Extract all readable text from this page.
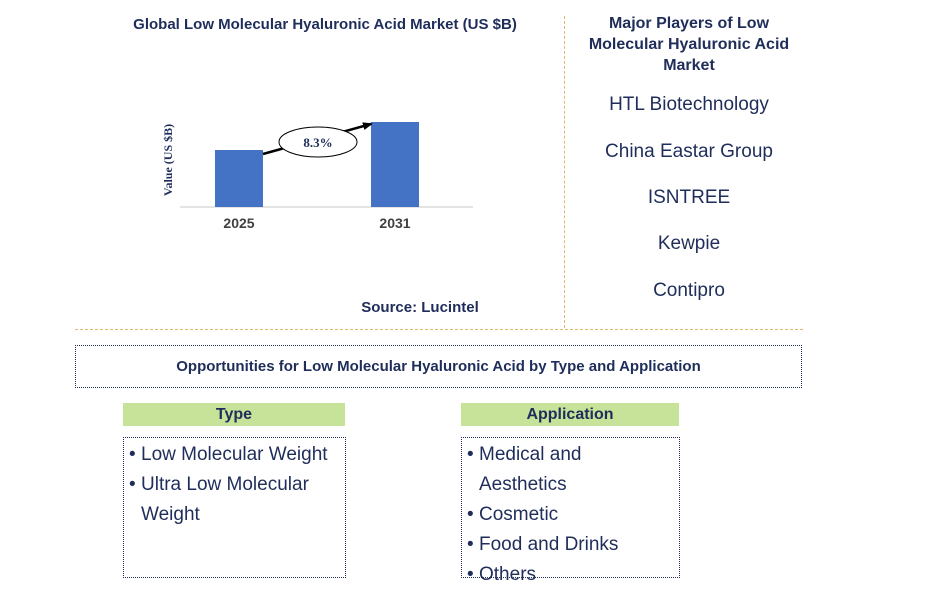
Global Low Molecular Hyaluronic Acid Market (US $B)
Value (US $B)	8.3%
2025	2031
Source: Lucintel
Major Players of Low Molecular Hyaluronic Acid Market
HTL Biotechnology
China Eastar Group
ISNTREE
Kewpie
Contipro
Opportunities for Low Molecular Hyaluronic Acid by Type and Application
Type
• Low Molecular Weight
• Ultra Low Molecular Weight
Application
• Medical and Aesthetics
• Cosmetic
• Food and Drinks
• Others
